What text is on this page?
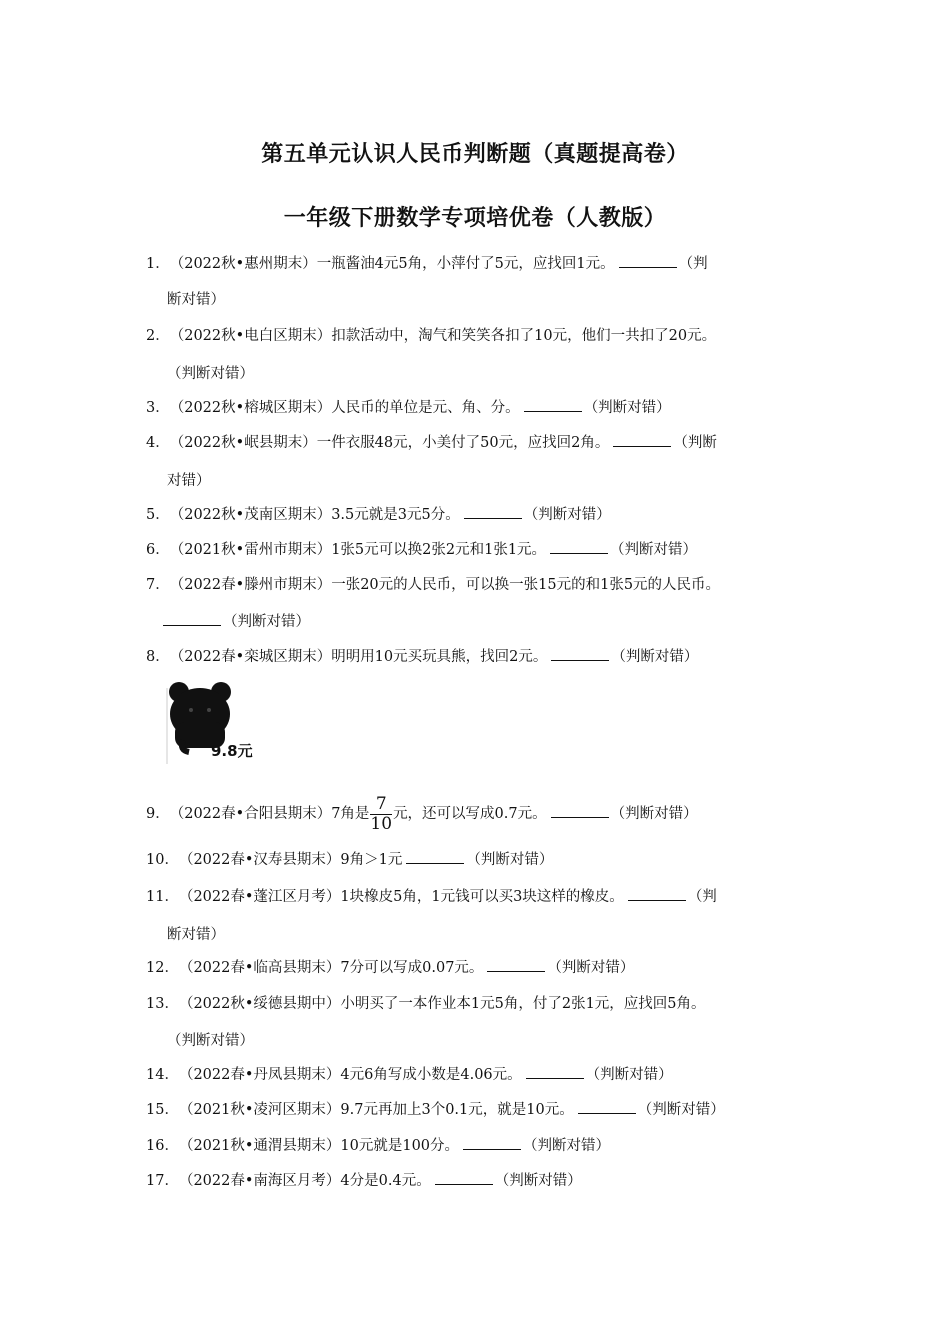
第五单元认识人民币判断题（真题提高卷）
一年级下册数学专项培优卷（人教版）
1．（2022秋•惠州期末）一瓶酱油4元5角，小萍付了5元，应找回1元。	（判
断对错）
2．（2022秋•电白区期末）扣款活动中，淘气和笑笑各扣了10元，他们一共扣了20元。
（判断对错）
3．（2022秋•榕城区期末）人民币的单位是元、角、分。	（判断对错）
4．（2022秋•岷县期末）一件衣服48元，小美付了50元，应找回2角。	（判断
对错）
5．（2022秋•茂南区期末）3.5元就是3元5分。	（判断对错）
6．（2021秋•雷州市期末）1张5元可以换2张2元和1张1元。	（判断对错）
7．（2022春•滕州市期末）一张20元的人民币，可以换一张15元的和1张5元的人民币。
（判断对错）
8．（2022春•栾城区期末）明明用10元买玩具熊，找回2元。	（判断对错）
9.8元
9．（2022春•合阳县期末）7角是 $\frac{7}{10}$ 元，还可以写成0.7元。	（判断对错）
10．（2022春•汉寿县期末）9角＞1元	（判断对错）
11．（2022春•蓬江区月考）1块橡皮5角，1元钱可以买3块这样的橡皮。	（判
断对错）
12．（2022春•临高县期末）7分可以写成0.07元。	（判断对错）
13．（2022秋•绥德县期中）小明买了一本作业本1元5角，付了2张1元，应找回5角。
（判断对错）
14．（2022春•丹凤县期末）4元6角写成小数是4.06元。	（判断对错）
15．（2021秋•凌河区期末）9.7元再加上3个0.1元，就是10元。	（判断对错）
16．（2021秋•通渭县期末）10元就是100分。	（判断对错）
17．（2022春•南海区月考）4分是0.4元。	（判断对错）
